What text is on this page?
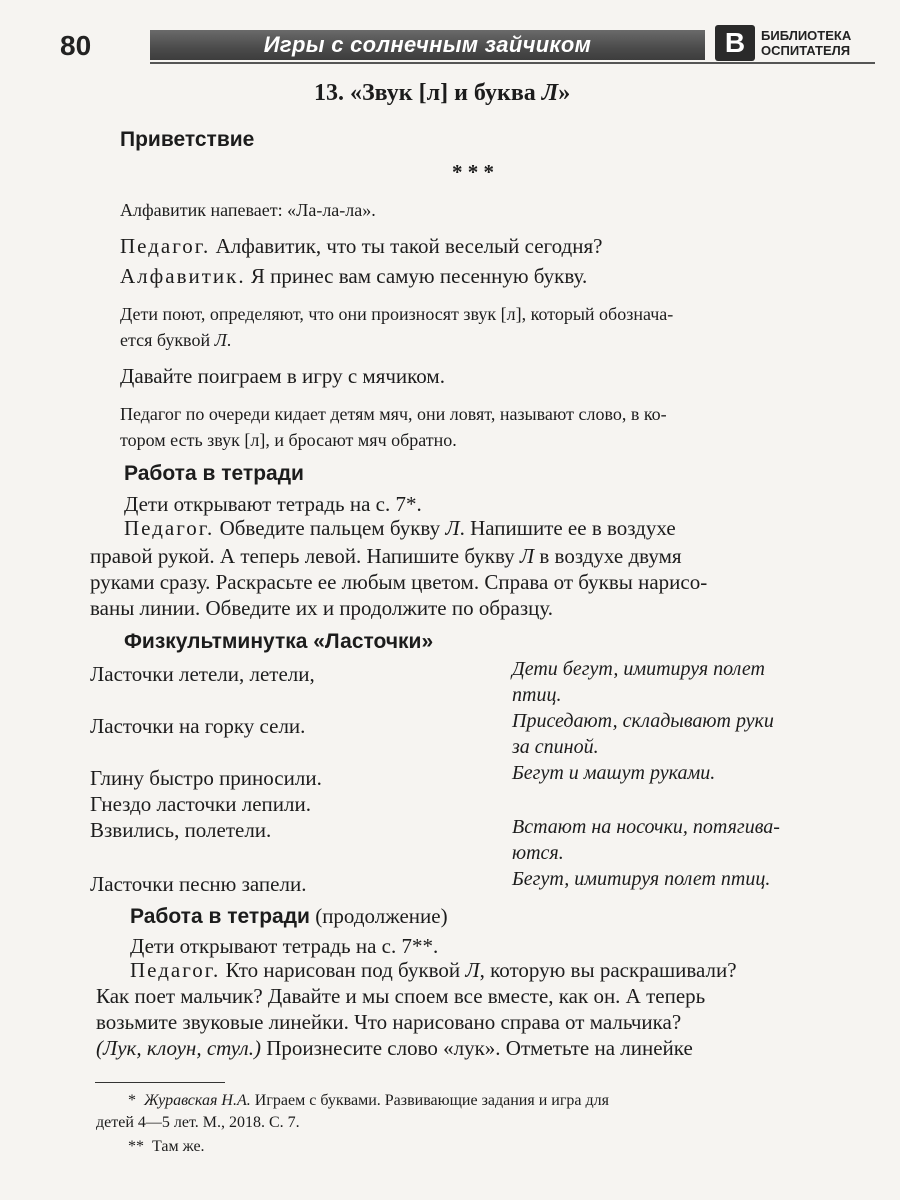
80	Игры с солнечным зайчиком	В	БИБЛИОТЕКА
ОСПИТАТЕЛЯ
13. «Звук [л] и буква Л»
Приветствие
* * *
Алфавитик напевает: «Ла-ла-ла».
Педагог. Алфавитик, что ты такой веселый сегодня?
Алфавитик. Я принес вам самую песенную букву.
Дети поют, определяют, что они произносят звук [л], который обознача-
ется буквой Л.
Давайте поиграем в игру с мячиком.
Педагог по очереди кидает детям мяч, они ловят, называют слово, в ко-
тором есть звук [л], и бросают мяч обратно.
Работа в тетради
Дети открывают тетрадь на с. 7*.
Педагог. Обведите пальцем букву Л. Напишите ее в воздухе
правой рукой. А теперь левой. Напишите букву Л в воздухе двумя
руками сразу. Раскрасьте ее любым цветом. Справа от буквы нарисо-
ваны линии. Обведите их и продолжите по образцу.
Физкультминутка «Ласточки»
Ласточки летели, летели,
Ласточки на горку сели.
Глину быстро приносили.
Гнездо ласточки лепили.
Взвились, полетели.
Ласточки песню запели.
Дети бегут, имитируя полет
птиц.
Приседают, складывают руки
за спиной.
Бегут и машут руками.
Встают на носочки, потягива-
ются.
Бегут, имитируя полет птиц.
Работа в тетради (продолжение)
Дети открывают тетрадь на с. 7**.
Педагог. Кто нарисован под буквой Л, которую вы раскрашивали?
Как поет мальчик? Давайте и мы споем все вместе, как он. А теперь
возьмите звуковые линейки. Что нарисовано справа от мальчика?
(Лук, клоун, стул.) Произнесите слово «лук». Отметьте на линейке
* Журавская Н.А. Играем с буквами. Развивающие задания и игра для
детей 4—5 лет. М., 2018. С. 7.
** Там же.
